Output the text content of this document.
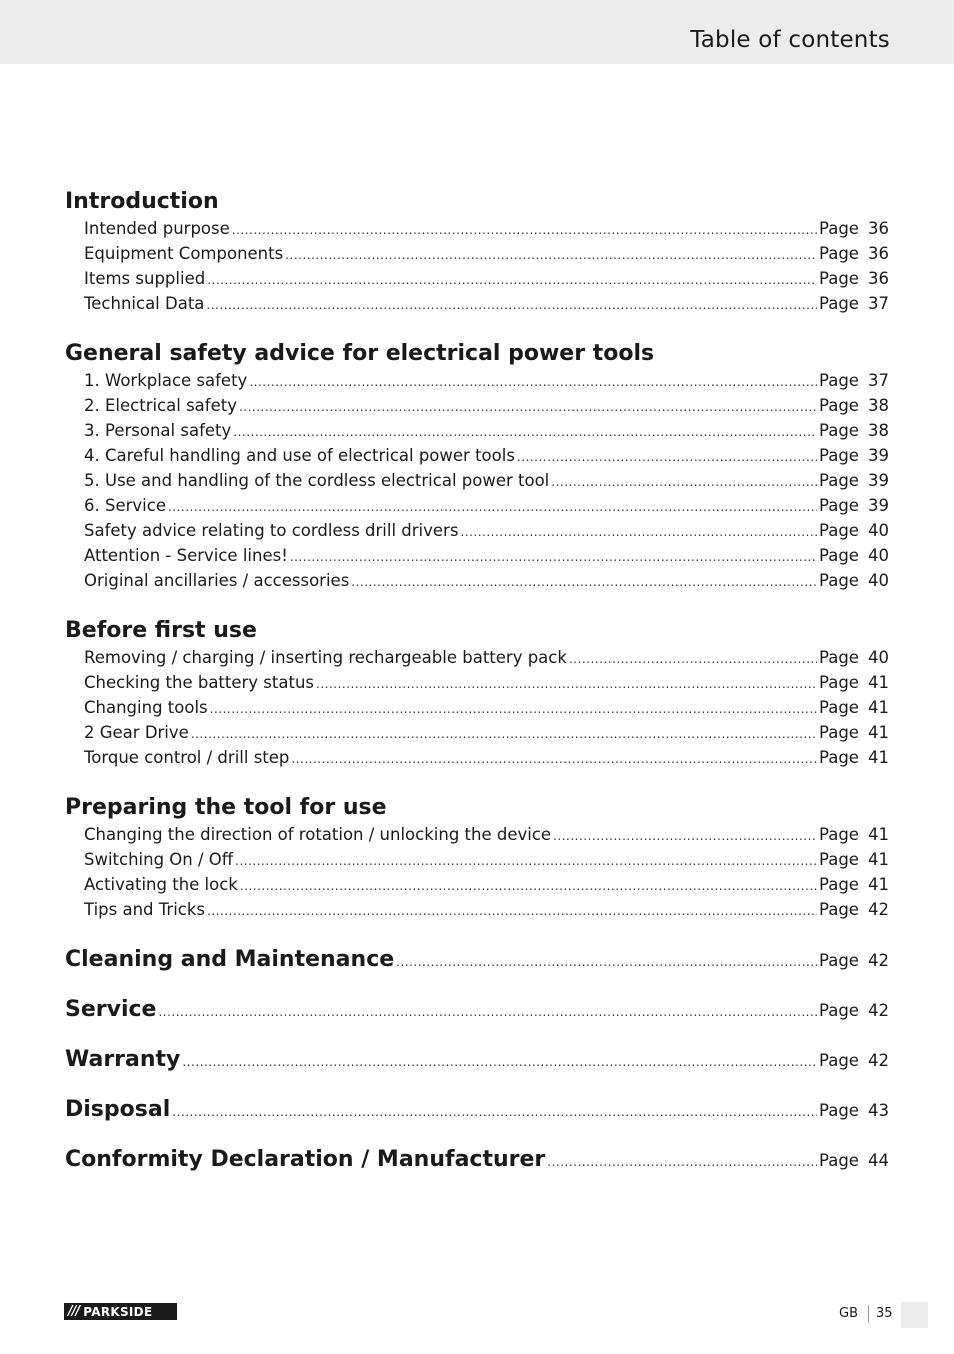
Table of contents
Introduction
Intended purpose .....	Page 36
Equipment Components .....	Page 36
Items supplied .....	Page 36
Technical Data .....	Page 37
General safety advice for electrical power tools
1. Workplace safety .....	Page 37
2. Electrical safety .....	Page 38
3. Personal safety .....	Page 38
4. Careful handling and use of electrical power tools .....	Page 39
5. Use and handling of the cordless electrical power tool .....	Page 39
6. Service .....	Page 39
Safety advice relating to cordless drill drivers .....	Page 40
Attention - Service lines! .....	Page 40
Original ancillaries / accessories .....	Page 40
Before first use
Removing / charging / inserting rechargeable battery pack .....	Page 40
Checking the battery status .....	Page 41
Changing tools .....	Page 41
2 Gear Drive .....	Page 41
Torque control / drill step .....	Page 41
Preparing the tool for use
Changing the direction of rotation / unlocking the device .....	Page 41
Switching On / Off .....	Page 41
Activating the lock .....	Page 41
Tips and Tricks .....	Page 42
Cleaning and Maintenance .....	Page 42
Service .....	Page 42
Warranty .....	Page 42
Disposal .....	Page 43
Conformity Declaration / Manufacturer .....	Page 44
/// PARKSIDE	GB 35
